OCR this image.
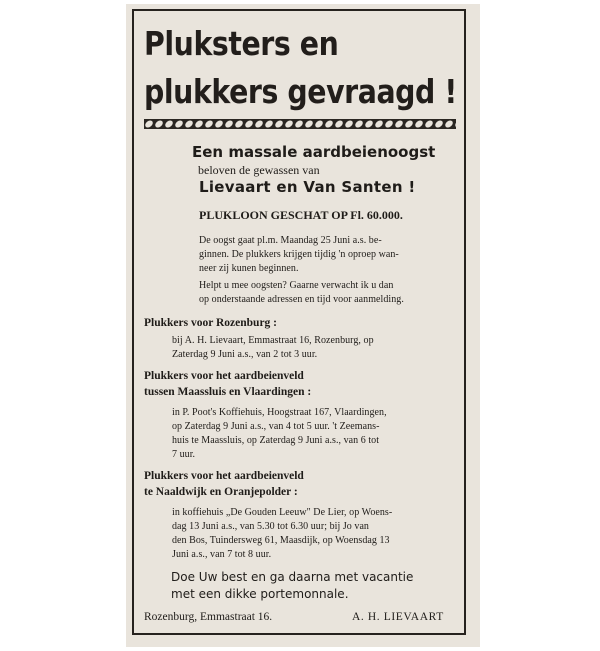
Pluksters en
plukkers gevraagd !
Een massale aardbeienoogst
beloven de gewassen van
Lievaart en Van Santen !
PLUKLOON GESCHAT OP Fl. 60.000.
De oogst gaat pl.m. Maandag 25 Juni a.s. be-
ginnen. De plukkers krijgen tijdig 'n oproep wan-
neer zij kunen beginnen.
Helpt u mee oogsten? Gaarne verwacht ik u dan
op onderstaande adressen en tijd voor aanmelding.
Plukkers voor Rozenburg :
bij A. H. Lievaart, Emmastraat 16, Rozenburg, op
Zaterdag 9 Juni a.s., van 2 tot 3 uur.
Plukkers voor het aardbeienveld
tussen Maassluis en Vlaardingen :
in P. Poot's Koffiehuis, Hoogstraat 167, Vlaardingen,
op Zaterdag 9 Juni a.s., van 4 tot 5 uur. 't Zeemans-
huis te Maassluis, op Zaterdag 9 Juni a.s., van 6 tot
7 uur.
Plukkers voor het aardbeienveld
te Naaldwijk en Oranjepolder :
in koffiehuis „De Gouden Leeuw" De Lier, op Woens-
dag 13 Juni a.s., van 5.30 tot 6.30 uur; bij Jo van
den Bos, Tuindersweg 61, Maasdijk, op Woensdag 13
Juni a.s., van 7 tot 8 uur.
Doe Uw best en ga daarna met vacantie
met een dikke portemonnale.
Rozenburg, Emmastraat 16.	A. H. LIEVAART
